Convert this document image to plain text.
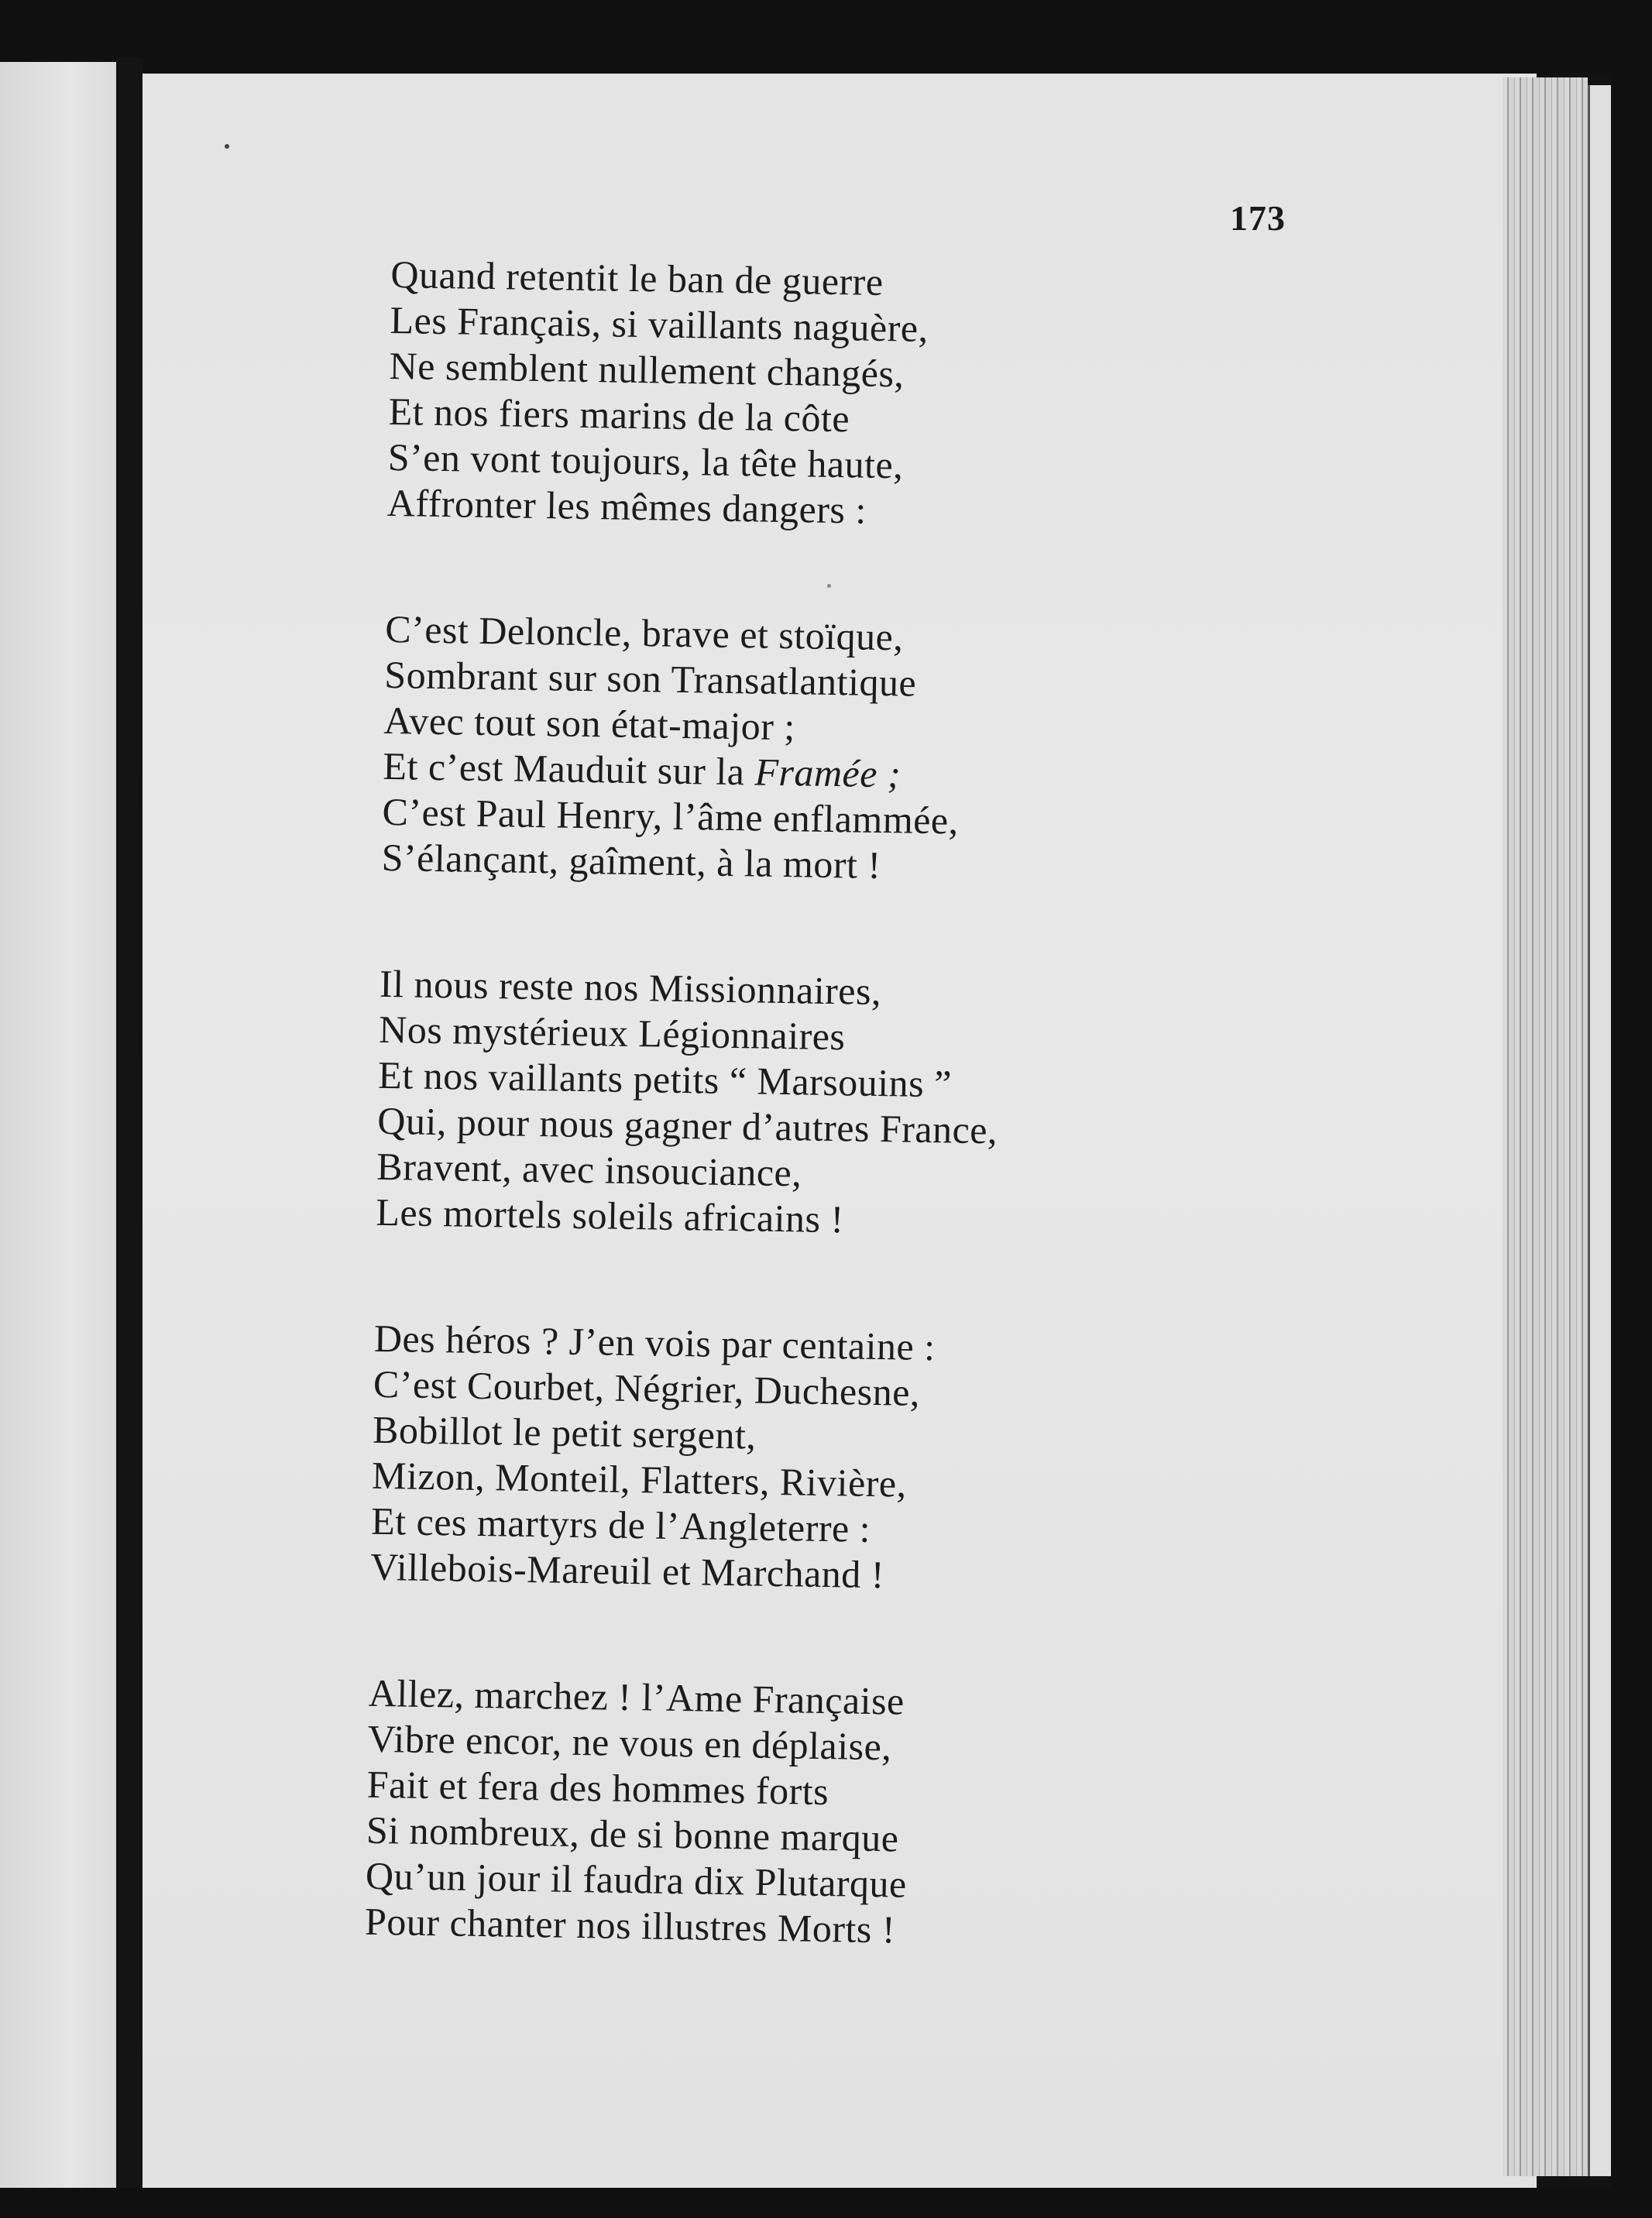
173
Quand retentit le ban de guerre
Les Français, si vaillants naguère,
Ne semblent nullement changés,
Et nos fiers marins de la côte
S’en vont toujours, la tête haute,
Affronter les mêmes dangers :
C’est Deloncle, brave et stoïque,
Sombrant sur son Transatlantique
Avec tout son état-major ;
Et c’est Mauduit sur la Framée ;
C’est Paul Henry, l’âme enflammée,
S’élançant, gaîment, à la mort !
Il nous reste nos Missionnaires,
Nos mystérieux Légionnaires
Et nos vaillants petits “ Marsouins ”
Qui, pour nous gagner d’autres France,
Bravent, avec insouciance,
Les mortels soleils africains !
Des héros ? J’en vois par centaine :
C’est Courbet, Négrier, Duchesne,
Bobillot le petit sergent,
Mizon, Monteil, Flatters, Rivière,
Et ces martyrs de l’Angleterre :
Villebois-Mareuil et Marchand !
Allez, marchez ! l’Ame Française
Vibre encor, ne vous en déplaise,
Fait et fera des hommes forts
Si nombreux, de si bonne marque
Qu’un jour il faudra dix Plutarque
Pour chanter nos illustres Morts !
